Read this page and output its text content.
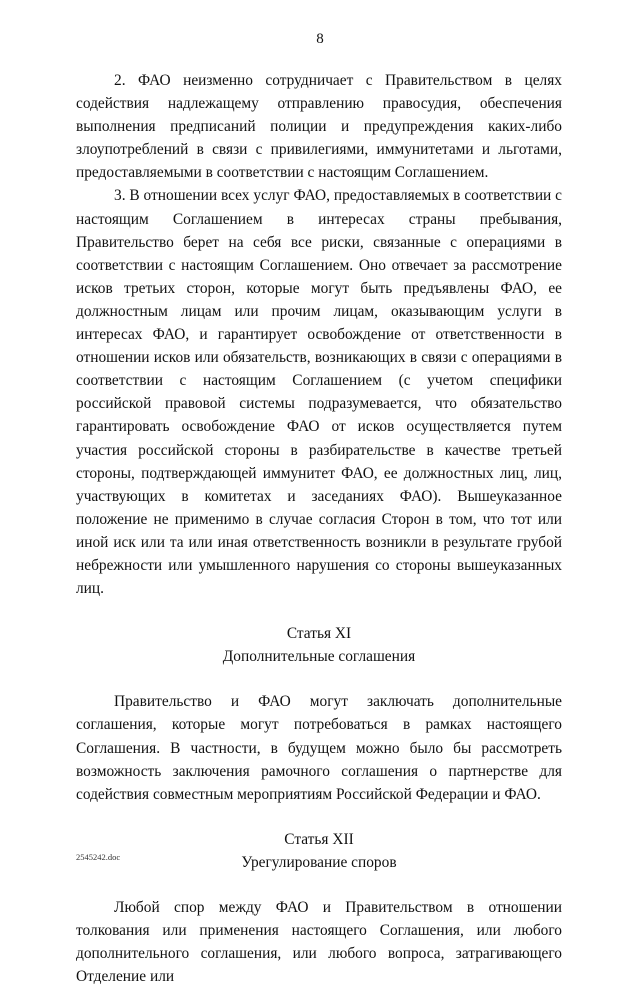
8

2. ФАО неизменно сотрудничает с Правительством в целях содействия надлежащему отправлению правосудия, обеспечения выполнения предписаний полиции и предупреждения каких-либо злоупотреблений в связи с привилегиями, иммунитетами и льготами, предоставляемыми в соответствии с настоящим Соглашением.

3. В отношении всех услуг ФАО, предоставляемых в соответствии с настоящим Соглашением в интересах страны пребывания, Правительство берет на себя все риски, связанные с операциями в соответствии с настоящим Соглашением. Оно отвечает за рассмотрение исков третьих сторон, которые могут быть предъявлены ФАО, ее должностным лицам или прочим лицам, оказывающим услуги в интересах ФАО, и гарантирует освобождение от ответственности в отношении исков или обязательств, возникающих в связи с операциями в соответствии с настоящим Соглашением (с учетом специфики российской правовой системы подразумевается, что обязательство гарантировать освобождение ФАО от исков осуществляется путем участия российской стороны в разбирательстве в качестве третьей стороны, подтверждающей иммунитет ФАО, ее должностных лиц, лиц, участвующих в комитетах и заседаниях ФАО). Вышеуказанное положение не применимо в случае согласия Сторон в том, что тот или иной иск или та или иная ответственность возникли в результате грубой небрежности или умышленного нарушения со стороны вышеуказанных лиц.

Статья XI

Дополнительные соглашения

Правительство и ФАО могут заключать дополнительные соглашения, которые могут потребоваться в рамках настоящего Соглашения. В частности, в будущем можно было бы рассмотреть возможность заключения рамочного соглашения о партнерстве для содействия совместным мероприятиям Российской Федерации и ФАО.

Статья XII

Урегулирование споров

Любой спор между ФАО и Правительством в отношении толкования или применения настоящего Соглашения, или любого дополнительного соглашения, или любого вопроса, затрагивающего Отделение или

2545242.doc
